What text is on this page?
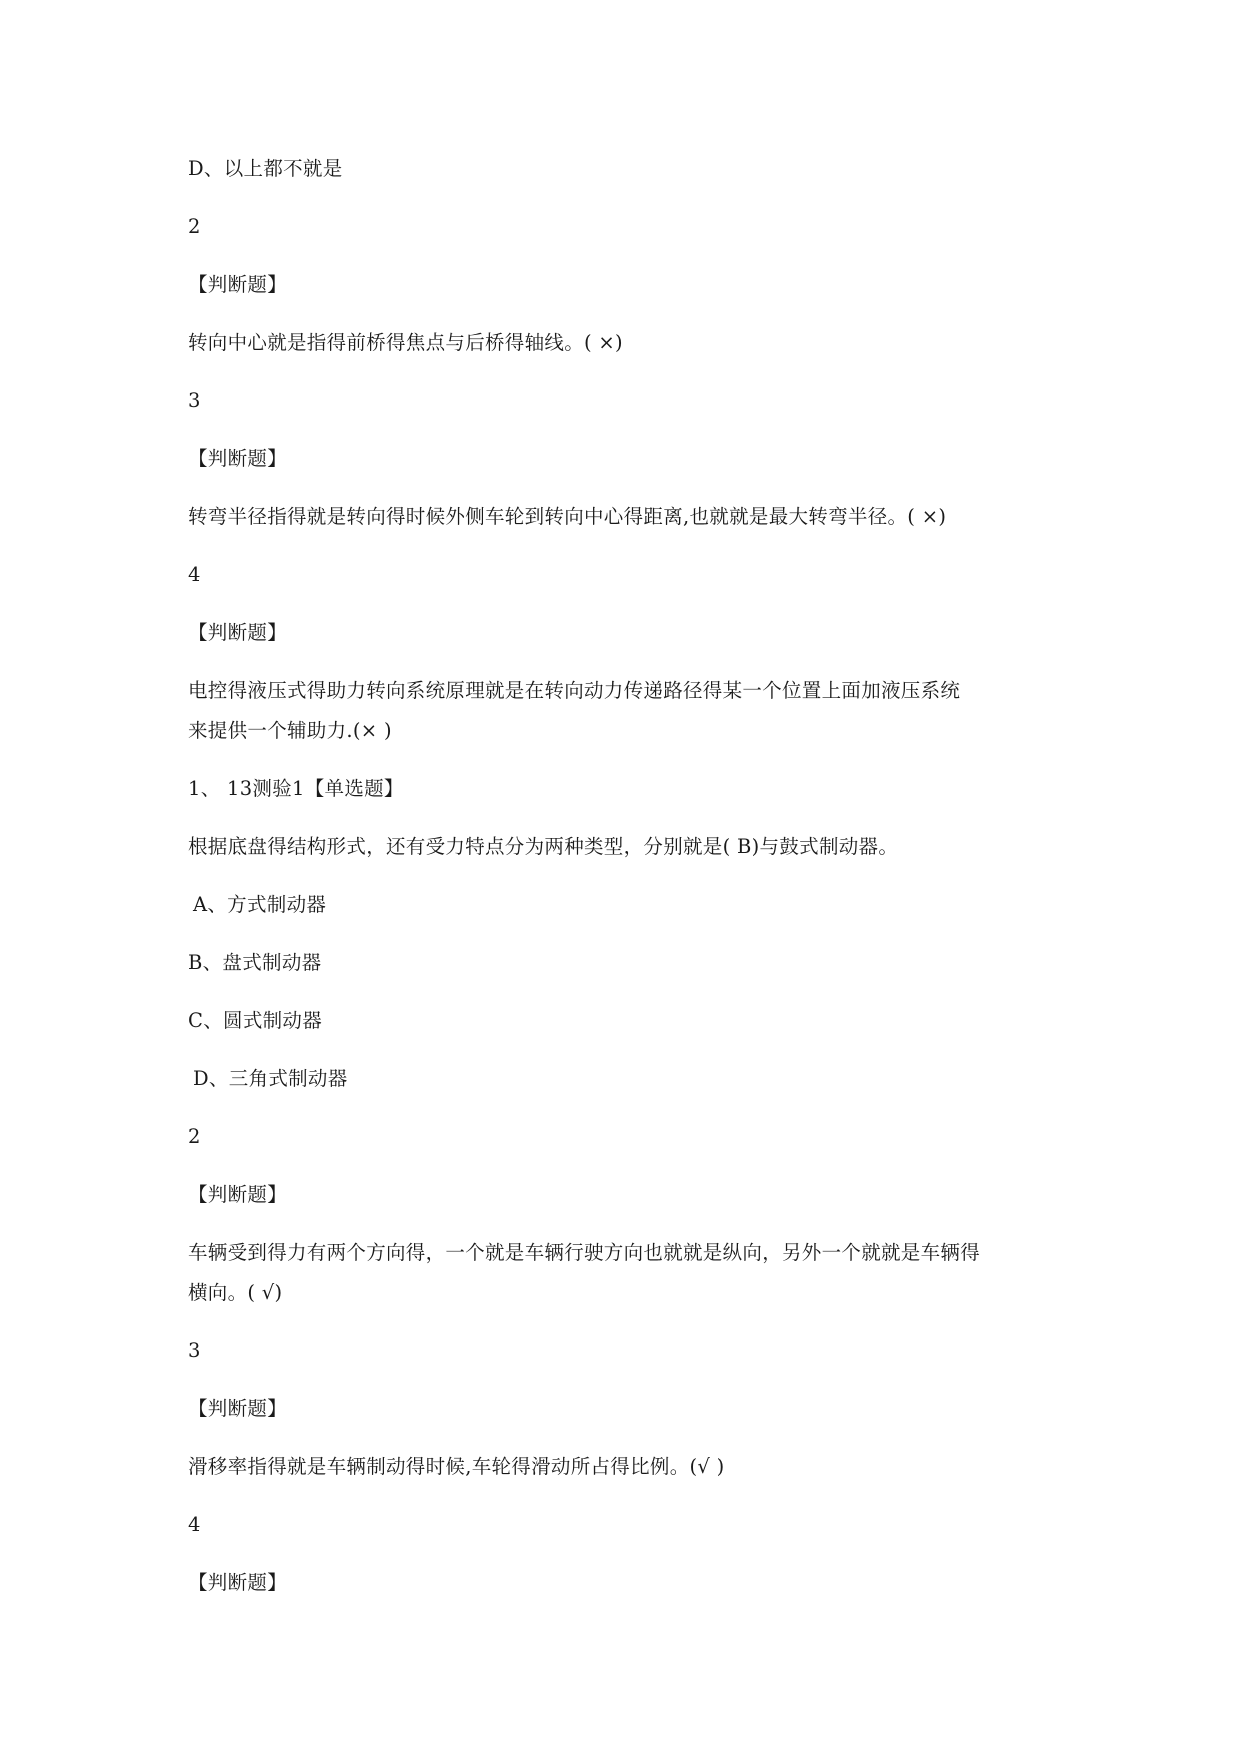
D、以上都不就是
2
【判断题】
转向中心就是指得前桥得焦点与后桥得轴线。( ×)
3
【判断题】
转弯半径指得就是转向得时候外侧车轮到转向中心得距离,也就就是最大转弯半径。( ×)
4
【判断题】
电控得液压式得助力转向系统原理就是在转向动力传递路径得某一个位置上面加液压系统
来提供一个辅助力.(× )
1、 13测验1【单选题】
根据底盘得结构形式，还有受力特点分为两种类型，分别就是( B)与鼓式制动器。
A、方式制动器
B、盘式制动器
C、圆式制动器
D、三角式制动器
2
【判断题】
车辆受到得力有两个方向得，一个就是车辆行驶方向也就就是纵向，另外一个就就是车辆得
横向。( √)
3
【判断题】
滑移率指得就是车辆制动得时候,车轮得滑动所占得比例。(√ )
4
【判断题】
